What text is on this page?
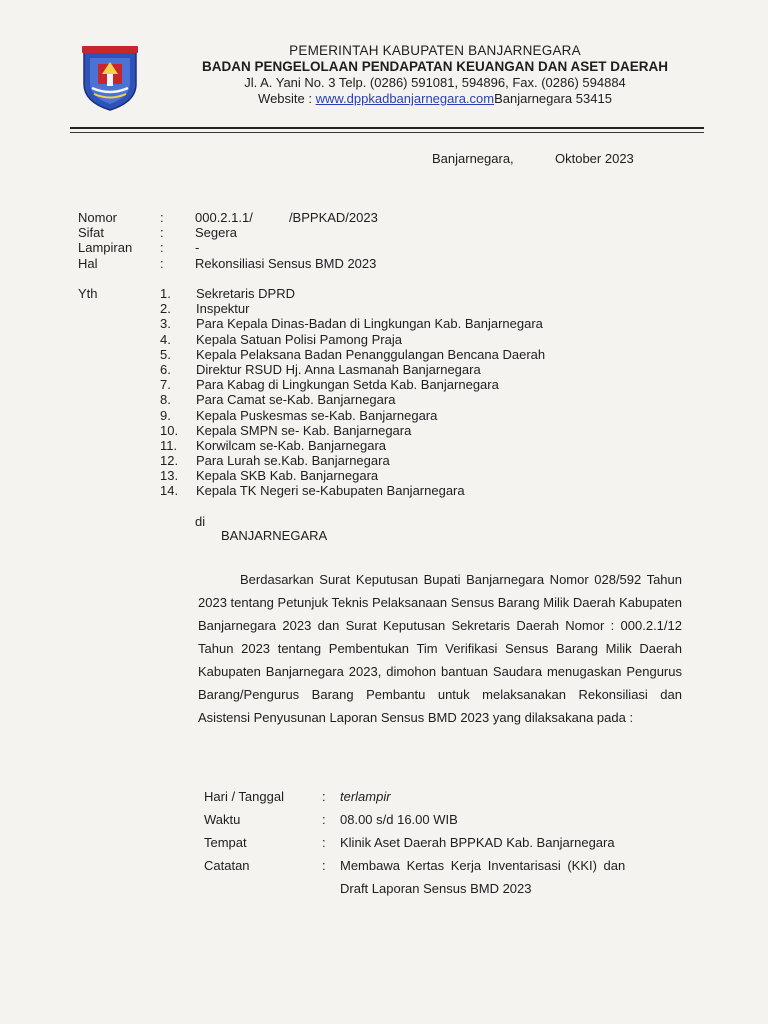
PEMERINTAH KABUPATEN BANJARNEGARA
BADAN PENGELOLAAN PENDAPATAN KEUANGAN DAN ASET DAERAH
Jl. A. Yani No. 3 Telp. (0286) 591081, 594896, Fax. (0286) 594884
Website : www.dppkadbanjarnegara.comBanjarnegara 53415
Banjarnegara,	Oktober 2023
Nomor	: 000.2.1.1/          /BPPKAD/2023
Sifat	: Segera
Lampiran : -
Hal	: Rekonsiliasi Sensus BMD 2023
Yth	1. Sekretaris DPRD
2. Inspektur
3. Para Kepala Dinas-Badan di Lingkungan Kab. Banjarnegara
4. Kepala Satuan Polisi Pamong Praja
5. Kepala Pelaksana Badan Penanggulangan Bencana Daerah
6. Direktur RSUD Hj. Anna Lasmanah Banjarnegara
7. Para Kabag di Lingkungan Setda Kab. Banjarnegara
8. Para Camat se-Kab. Banjarnegara
9. Kepala Puskesmas se-Kab. Banjarnegara
10. Kepala SMPN se- Kab. Banjarnegara
11. Korwilcam se-Kab. Banjarnegara
12. Para Lurah se.Kab. Banjarnegara
13. Kepala SKB Kab. Banjarnegara
14. Kepala TK Negeri se-Kabupaten Banjarnegara
di
BANJARNEGARA
Berdasarkan Surat Keputusan Bupati Banjarnegara Nomor 028/592 Tahun 2023 tentang Petunjuk Teknis Pelaksanaan Sensus Barang Milik Daerah Kabupaten Banjarnegara 2023 dan Surat Keputusan Sekretaris Daerah Nomor : 000.2.1/12 Tahun 2023 tentang Pembentukan Tim Verifikasi Sensus Barang Milik Daerah Kabupaten Banjarnegara 2023, dimohon bantuan Saudara menugaskan Pengurus Barang/Pengurus Barang Pembantu untuk melaksanakan Rekonsiliasi dan Asistensi Penyusunan Laporan Sensus BMD 2023 yang dilaksakana pada :
Hari / Tanggal	: terlampir
Waktu	: 08.00 s/d 16.00 WIB
Tempat	: Klinik Aset Daerah BPPKAD Kab. Banjarnegara
Catatan	: Membawa Kertas Kerja Inventarisasi (KKI) dan
Draft Laporan Sensus BMD 2023
